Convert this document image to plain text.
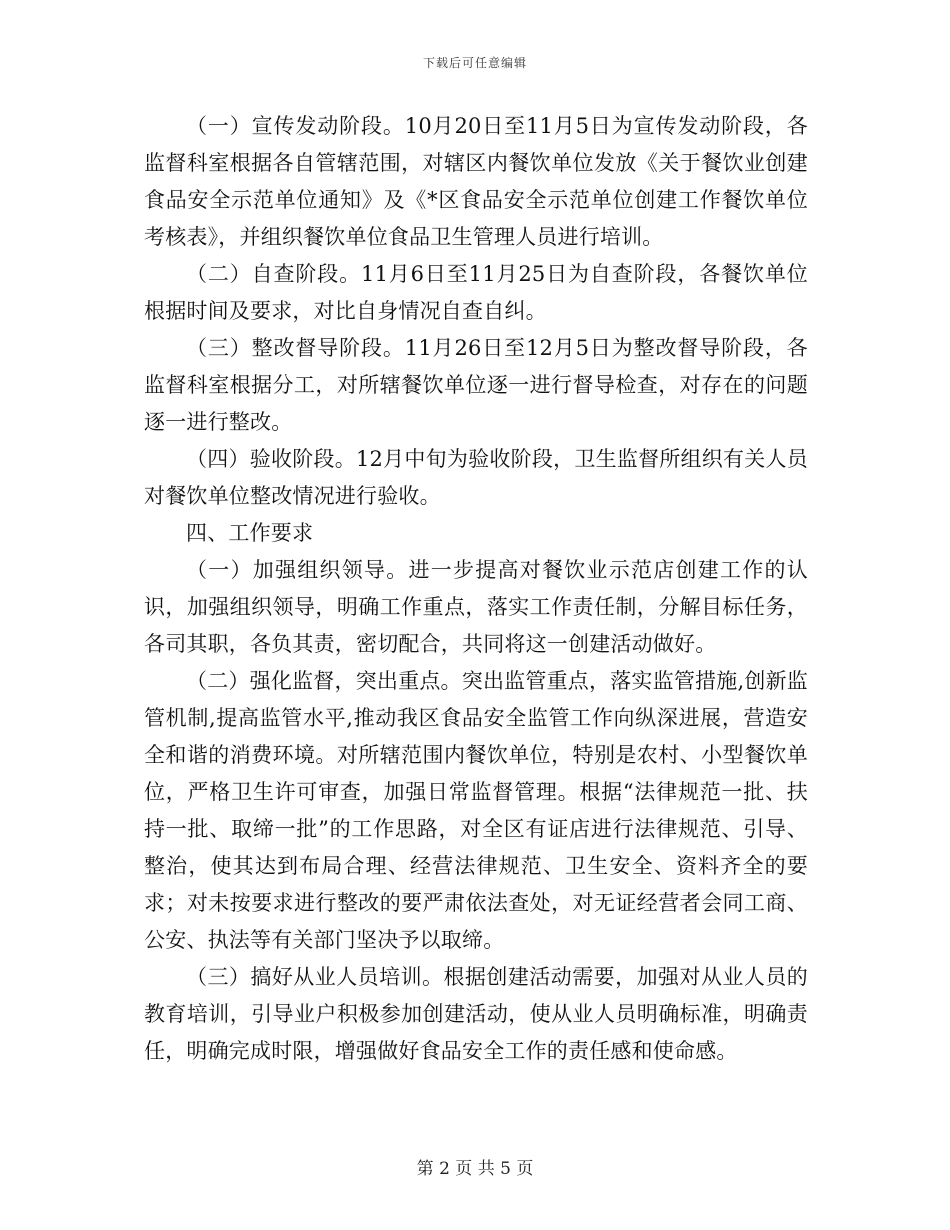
下载后可任意编辑

（一）宣传发动阶段。10月20日至11月5日为宣传发动阶段，各监督科室根据各自管辖范围，对辖区内餐饮单位发放《关于餐饮业创建食品安全示范单位通知》及《*区食品安全示范单位创建工作餐饮单位考核表》，并组织餐饮单位食品卫生管理人员进行培训。

（二）自查阶段。11月6日至11月25日为自查阶段，各餐饮单位根据时间及要求，对比自身情况自查自纠。

（三）整改督导阶段。11月26日至12月5日为整改督导阶段，各监督科室根据分工，对所辖餐饮单位逐一进行督导检查，对存在的问题逐一进行整改。

（四）验收阶段。12月中旬为验收阶段，卫生监督所组织有关人员对餐饮单位整改情况进行验收。

四、工作要求

（一）加强组织领导。进一步提高对餐饮业示范店创建工作的认识，加强组织领导，明确工作重点，落实工作责任制，分解目标任务，各司其职，各负其责，密切配合，共同将这一创建活动做好。

（二）强化监督，突出重点。突出监管重点，落实监管措施,创新监管机制,提高监管水平,推动我区食品安全监管工作向纵深进展，营造安全和谐的消费环境。对所辖范围内餐饮单位，特别是农村、小型餐饮单位，严格卫生许可审查，加强日常监督管理。根据“法律规范一批、扶持一批、取缔一批”的工作思路，对全区有证店进行法律规范、引导、整治，使其达到布局合理、经营法律规范、卫生安全、资料齐全的要求；对未按要求进行整改的要严肃依法查处，对无证经营者会同工商、公安、执法等有关部门坚决予以取缔。

（三）搞好从业人员培训。根据创建活动需要，加强对从业人员的教育培训，引导业户积极参加创建活动，使从业人员明确标准，明确责任，明确完成时限，增强做好食品安全工作的责任感和使命感。

第 2 页 共 5 页
